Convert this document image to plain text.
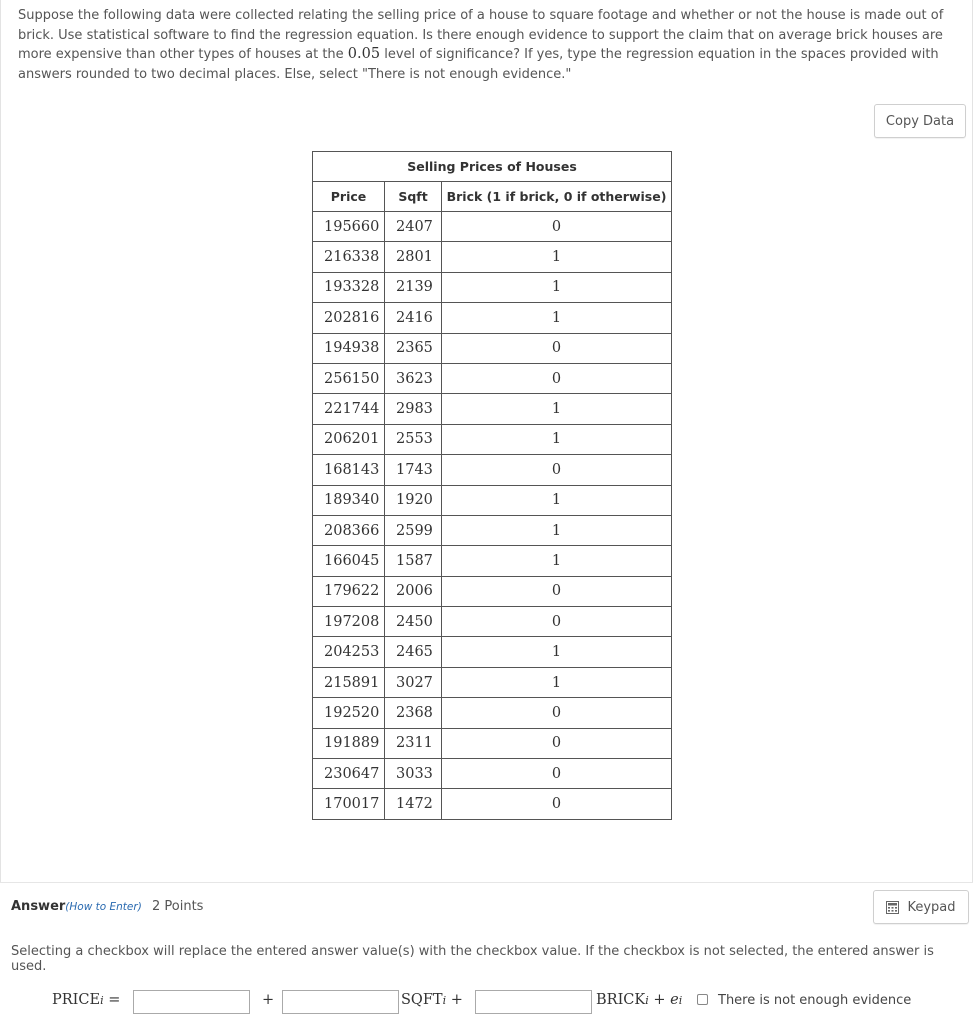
Suppose the following data were collected relating the selling price of a house to square footage and whether or not the house is made out of brick. Use statistical software to find the regression equation. Is there enough evidence to support the claim that on average brick houses are more expensive than other types of houses at the 0.05 level of significance? If yes, type the regression equation in the spaces provided with answers rounded to two decimal places. Else, select "There is not enough evidence."

Copy Data
Selling Prices of Houses		
Price	Sqft	Brick (1 if brick, 0 if otherwise)
195660	2407	0
216338	2801	1
193328	2139	1
202816	2416	1
194938	2365	0
256150	3623	0
221744	2983	1
206201	2553	1
168143	1743	0
189340	1920	1
208366	2599	1
166045	1587	1
179622	2006	0
197208	2450	0
204253	2465	1
215891	3027	1
192520	2368	0
191889	2311	0
230647	3033	0
170017	1472	0
Answer(How to Enter) 2 Points	Keypad
Selecting a checkbox will replace the entered answer value(s) with the checkbox value. If the checkbox is not selected, the entered answer is used.
PRICEi =	+	SQFTi +	BRICKi + ei	There is not enough evidence
